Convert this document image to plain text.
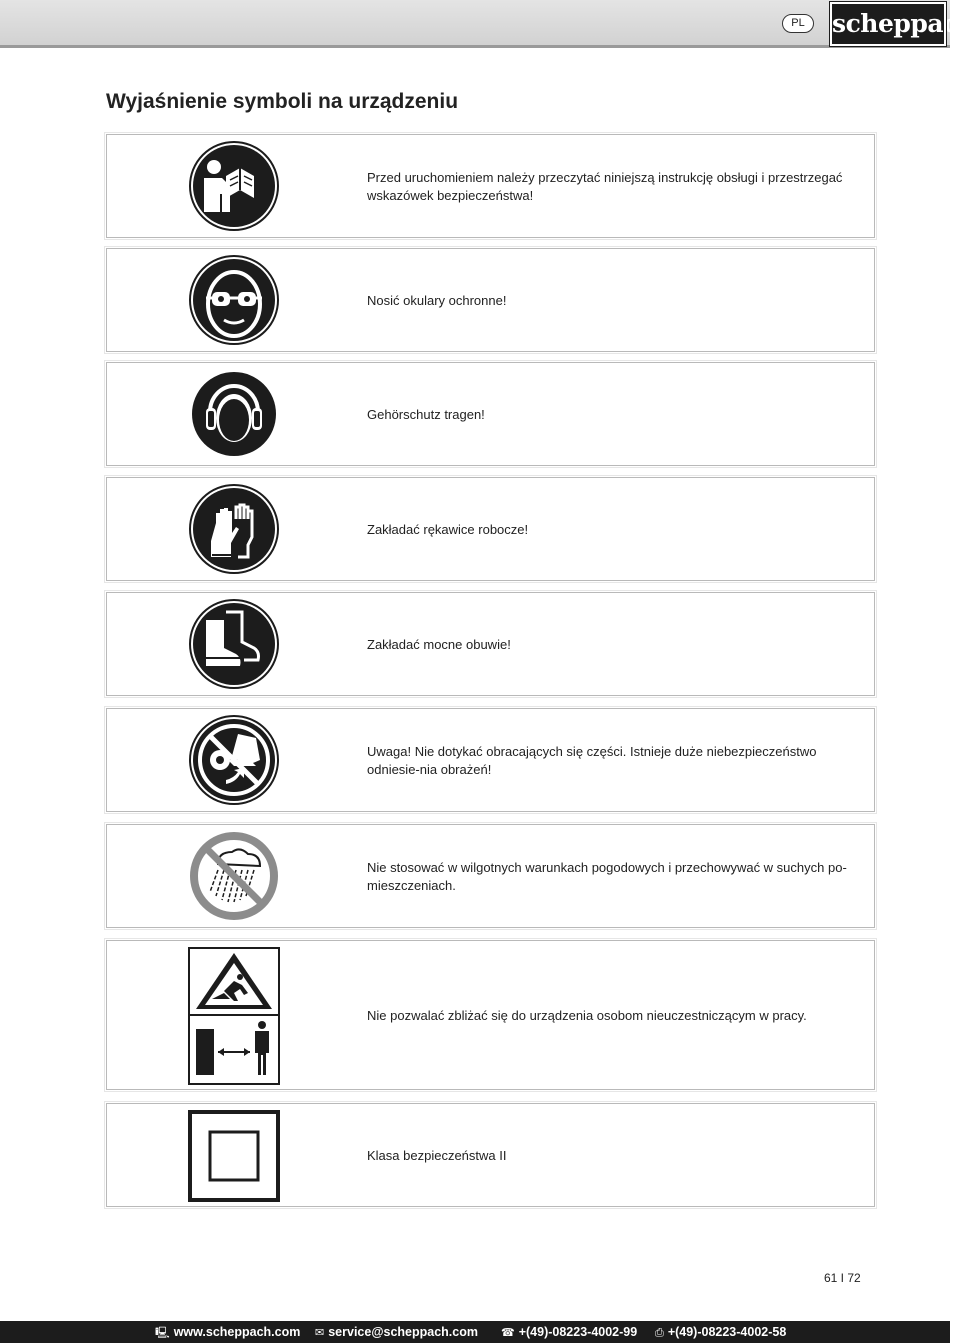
PL	scheppach
Wyjaśnienie symboli na urządzeniu

Przed uruchomieniem należy przeczytać niniejszą instrukcję obsługi i przestrzegać wskazówek bezpieczeństwa!

Nosić okulary ochronne!

Gehörschutz tragen!

Zakładać rękawice robocze!

Zakładać mocne obuwie!

Uwaga! Nie dotykać obracających się części. Istnieje duże niebezpieczeństwo odniesie-nia obrażeń!

Nie stosować w wilgotnych warunkach pogodowych i przechowywać w suchych po-mieszczeniach.

Nie pozwalać zbliżać się do urządzenia osobom nieuczestniczącym w pracy.

Klasa bezpieczeństwa II

61 I 72
🖳 www.scheppach.com ✉ service@scheppach.com ☎ +(49)-08223-4002-99 ⎙ +(49)-08223-4002-58
